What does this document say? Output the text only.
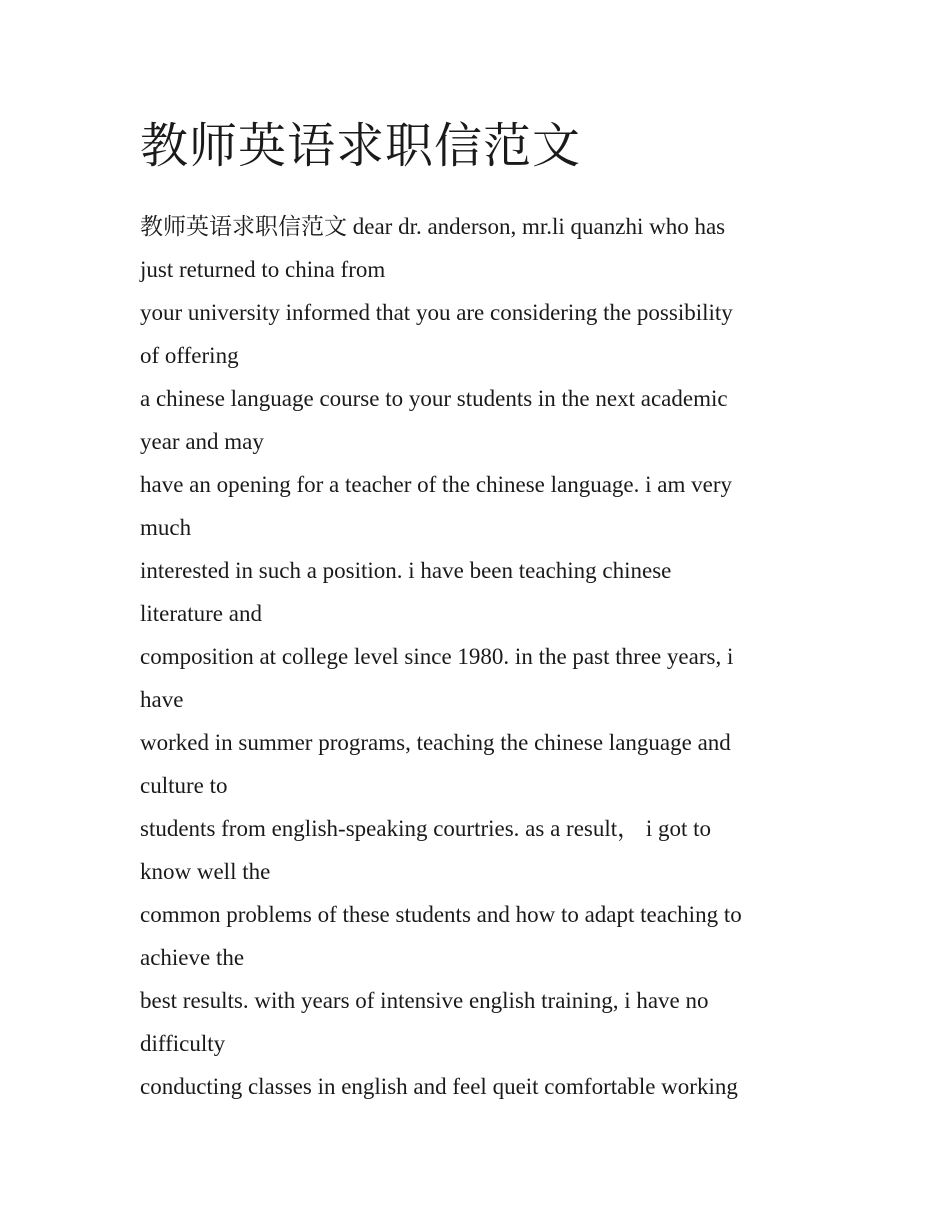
教师英语求职信范文
教师英语求职信范文 dear dr. anderson, mr.li quanzhi who has
just returned to china from
your university informed that you are considering the possibility
of offering
a chinese language course to your students in the next academic
year and may
have an opening for a teacher of the chinese language. i am very
much
interested in such a position. i have been teaching chinese
literature and
composition at college level since 1980. in the past three years, i
have
worked in summer programs, teaching the chinese language and
culture to
students from english-speaking courtries. as a result， i got to
know well the
common problems of these students and how to adapt teaching to
achieve the
best results. with years of intensive english training, i have no
difficulty
conducting classes in english and feel queit comfortable working
